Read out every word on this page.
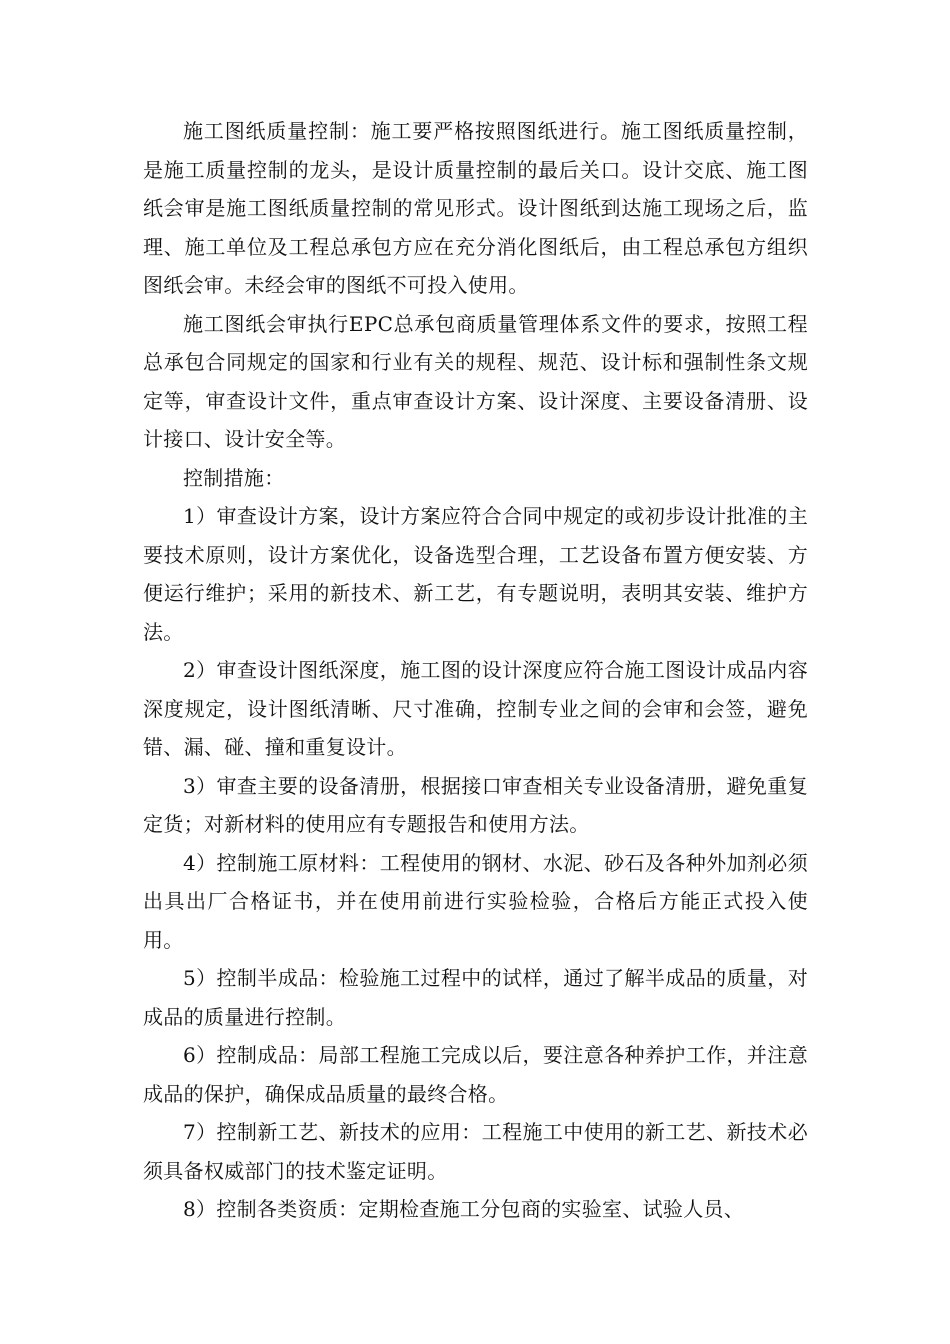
施工图纸质量控制：施工要严格按照图纸进行。施工图纸质量控制，是施工质量控制的龙头，是设计质量控制的最后关口。设计交底、施工图纸会审是施工图纸质量控制的常见形式。设计图纸到达施工现场之后，监理、施工单位及工程总承包方应在充分消化图纸后，由工程总承包方组织图纸会审。未经会审的图纸不可投入使用。

施工图纸会审执行EPC总承包商质量管理体系文件的要求，按照工程总承包合同规定的国家和行业有关的规程、规范、设计标和强制性条文规定等，审查设计文件，重点审查设计方案、设计深度、主要设备清册、设计接口、设计安全等。

控制措施：

1）审查设计方案，设计方案应符合合同中规定的或初步设计批准的主要技术原则，设计方案优化，设备选型合理，工艺设备布置方便安装、方便运行维护；采用的新技术、新工艺，有专题说明，表明其安装、维护方法。

2）审查设计图纸深度，施工图的设计深度应符合施工图设计成品内容深度规定，设计图纸清晰、尺寸准确，控制专业之间的会审和会签，避免错、漏、碰、撞和重复设计。

3）审查主要的设备清册，根据接口审查相关专业设备清册，避免重复定货；对新材料的使用应有专题报告和使用方法。

4）控制施工原材料：工程使用的钢材、水泥、砂石及各种外加剂必须出具出厂合格证书，并在使用前进行实验检验，合格后方能正式投入使用。

5）控制半成品：检验施工过程中的试样，通过了解半成品的质量，对成品的质量进行控制。

6）控制成品：局部工程施工完成以后，要注意各种养护工作，并注意成品的保护，确保成品质量的最终合格。

7）控制新工艺、新技术的应用：工程施工中使用的新工艺、新技术必须具备权威部门的技术鉴定证明。

8）控制各类资质：定期检查施工分包商的实验室、试验人员、
